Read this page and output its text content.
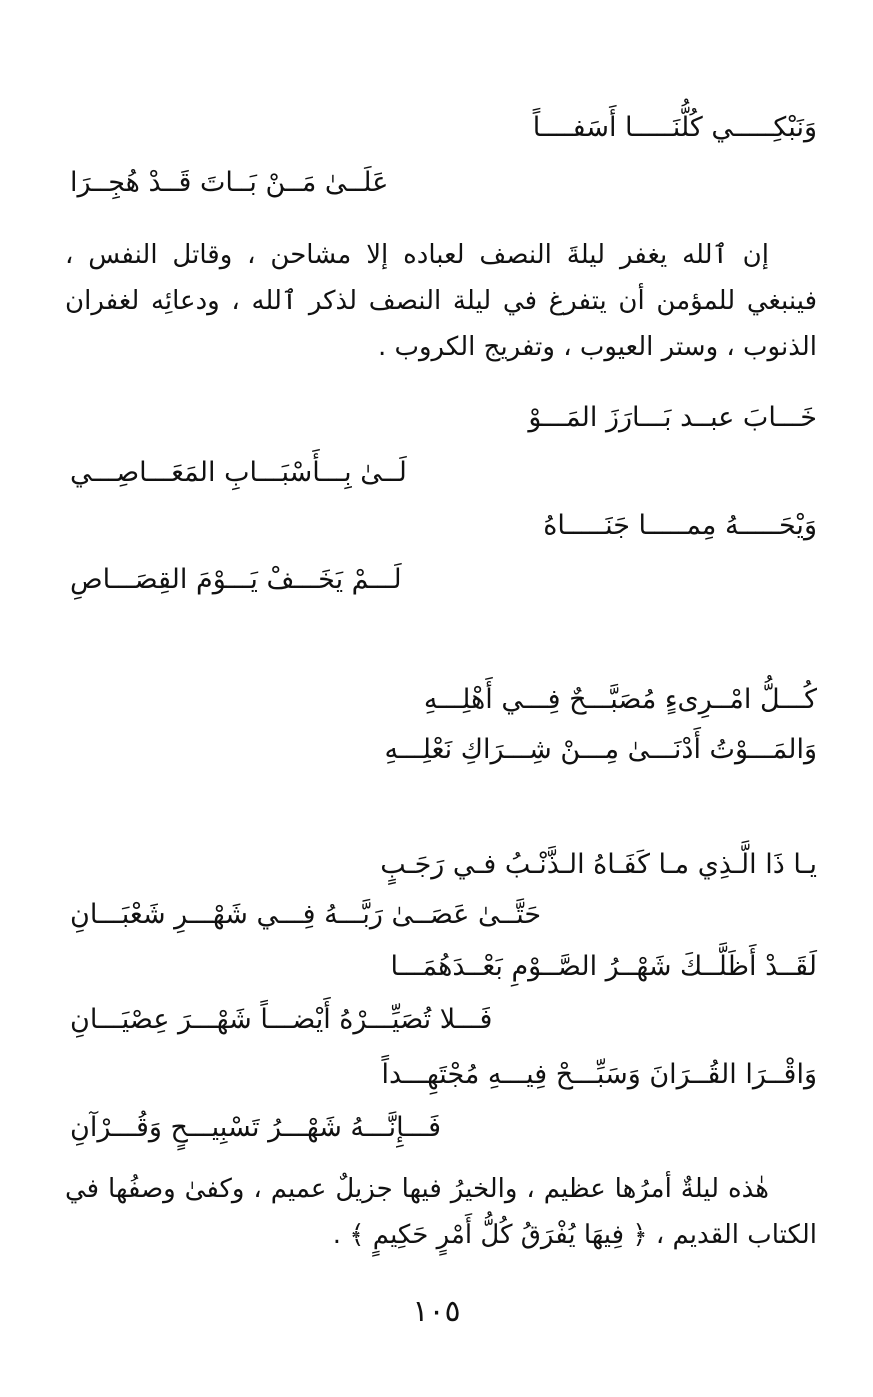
وَنَبْكِـــــي كُلُّنَـــــا أَسَفــــاً
عَلَــىٰ مَــنْ بَــاتَ قَــدْ هُجِــرَا

إن ٱلله يغفر ليلةَ النصف لعباده إلا مشاحن ، وقاتل النفس ، فينبغي للمؤمن أن يتفرغ في ليلة النصف لذكر ٱلله ، ودعائِه لغفران الذنوب ، وستر العيوب ، وتفريج الكروب .

خَـــابَ عبــد بَـــارَزَ المَـــوْ
لَــىٰ بِـــأَسْبَـــابِ المَعَـــاصِـــي
وَيْحَـــــهُ مِمـــــا جَنَـــــاهُ
لَـــمْ يَخَـــفْ يَـــوْمَ القِصَـــاصِ
كُـــلُّ امْــرِىءٍ مُصَبَّـــحٌ فِـــي أَهْلِـــهِ
وَالمَـــوْتُ أَدْنَـــىٰ مِـــنْ شِـــرَاكِ نَعْلِـــهِ
يـا ذَا الَّـذِي مـا كَفَـاهُ الـذَّنْـبُ فـي رَجَـبٍ
حَتَّــىٰ عَصَــىٰ رَبَّـــهُ فِـــي شَهْـــرِ شَعْبَـــانِ
لَقَــدْ أَظَلَّــكَ شَهْــرُ الصَّــوْمِ بَعْــدَهُمَـــا
فَـــلا تُصَيِّـــرْهُ أَيْضـــاً شَهْـــرَ عِصْيَـــانِ
وَاقْــرَا القُــرَانَ وَسَبِّـــحْ فِيـــهِ مُجْتَهِـــداً
فَـــإِنَّـــهُ شَهْـــرُ تَسْبِيـــحٍ وَقُـــرْآنِ

هٰذه ليلةٌ أمرُها عظيم ، والخيرُ فيها جزيلٌ عميم ، وكفىٰ وصفُها في الكتاب القديم ، ﴿ فِيهَا يُفْرَقُ كُلُّ أَمْرٍ حَكِيمٍ ﴾ .

١٠٥
